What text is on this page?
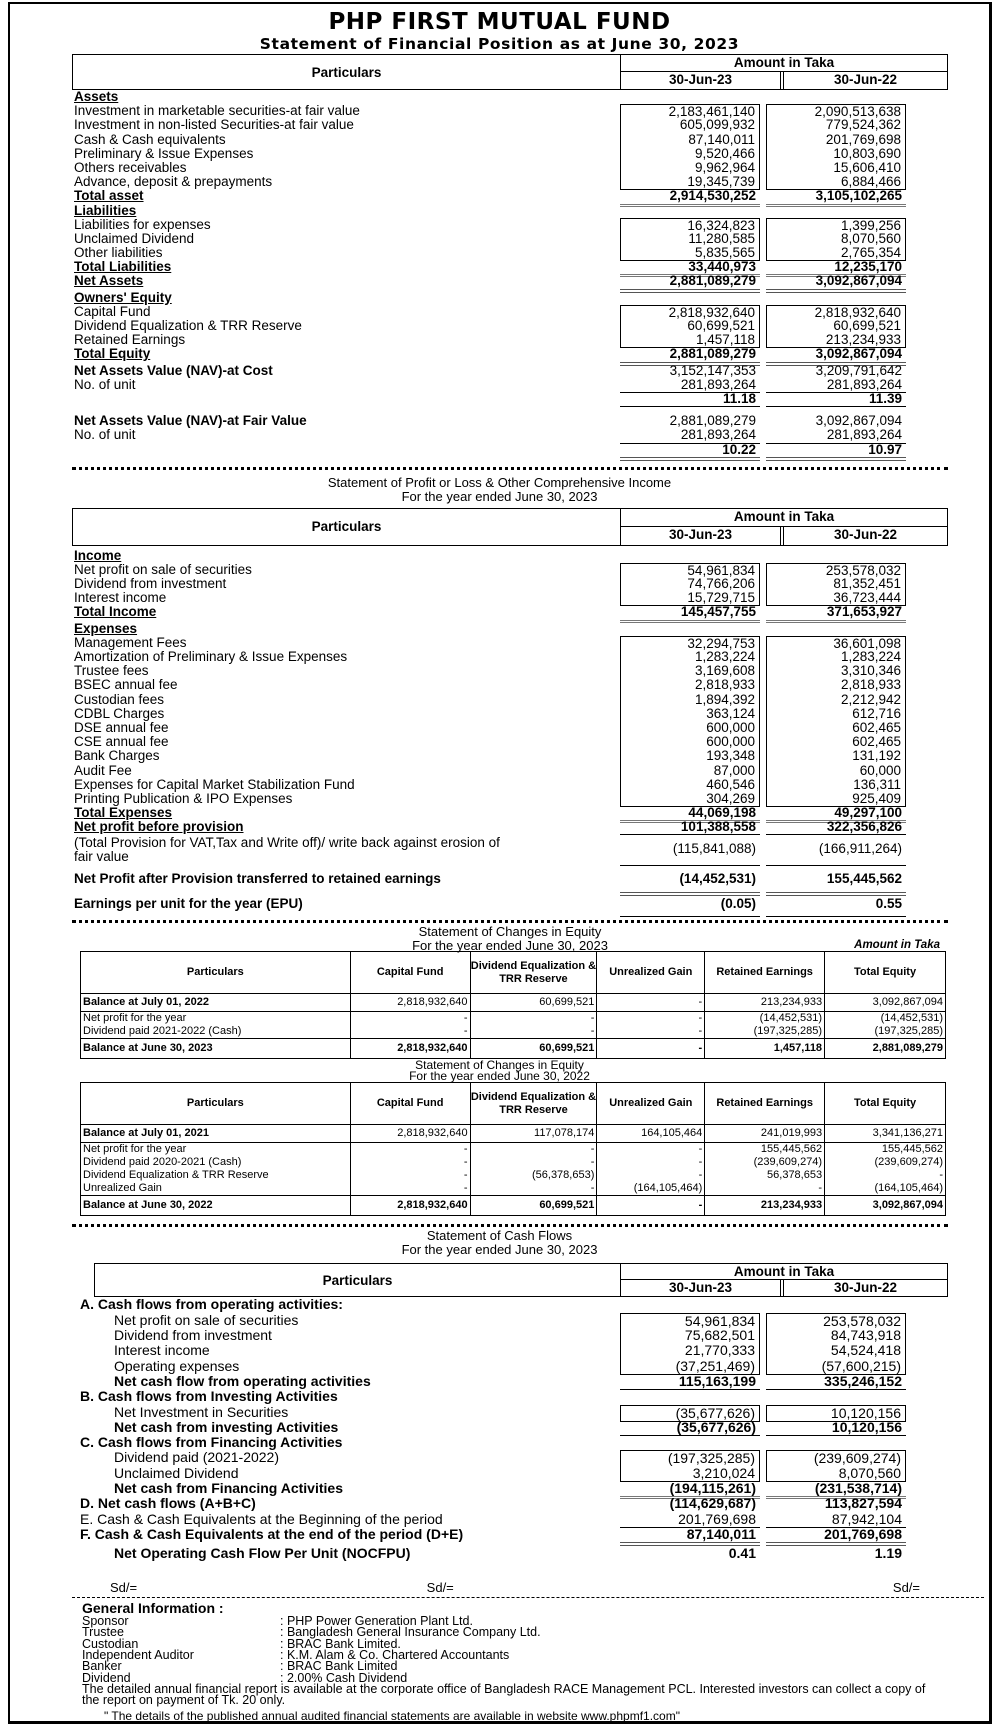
PHP FIRST MUTUAL FUND
Statement of Financial Position as at June 30, 2023
Particulars
Amount in Taka
30-Jun-23	30-Jun-22
Assets
Investment in marketable securities-at fair value	2,183,461,140	2,090,513,638
Investment in non-listed Securities-at fair value	605,099,932	779,524,362
Cash & Cash equivalents	87,140,011	201,769,698
Preliminary & Issue Expenses	9,520,466	10,803,690
Others receivables	9,962,964	15,606,410
Advance, deposit & prepayments	19,345,739	6,884,466
Total asset	2,914,530,252	3,105,102,265
Liabilities
Liabilities for expenses	16,324,823	1,399,256
Unclaimed Dividend	11,280,585	8,070,560
Other liabilities	5,835,565	2,765,354
Total Liabilities	33,440,973	12,235,170
Net Assets	2,881,089,279	3,092,867,094
Owners' Equity
Capital Fund	2,818,932,640	2,818,932,640
Dividend Equalization & TRR Reserve	60,699,521	60,699,521
Retained Earnings	1,457,118	213,234,933
Total Equity	2,881,089,279	3,092,867,094
Net Assets Value (NAV)-at Cost	3,152,147,353	3,209,791,642
No. of unit	281,893,264	281,893,264
11.18	11.39
Net Assets Value (NAV)-at Fair Value	2,881,089,279	3,092,867,094
No. of unit	281,893,264	281,893,264
10.22	10.97
Statement of Profit or Loss & Other Comprehensive Income
For the year ended June 30, 2023
Particulars
Amount in Taka
30-Jun-23	30-Jun-22
Income
Net profit on sale of securities	54,961,834	253,578,032
Dividend from investment	74,766,206	81,352,451
Interest income	15,729,715	36,723,444
Total Income	145,457,755	371,653,927
Expenses
Management Fees	32,294,753	36,601,098
Amortization of Preliminary & Issue Expenses	1,283,224	1,283,224
Trustee fees	3,169,608	3,310,346
BSEC annual fee	2,818,933	2,818,933
Custodian fees	1,894,392	2,212,942
CDBL Charges	363,124	612,716
DSE annual fee	600,000	602,465
CSE annual fee	600,000	602,465
Bank Charges	193,348	131,192
Audit Fee	87,000	60,000
Expenses for Capital Market Stabilization Fund	460,546	136,311
Printing Publication & IPO Expenses	304,269	925,409
Total Expenses	44,069,198	49,297,100
Net profit before provision	101,388,558	322,356,826
(Total Provision for VAT,Tax and Write off)/ write back against erosion of
fair value
(115,841,088)	(166,911,264)
Net Profit after Provision transferred to retained earnings	(14,452,531)	155,445,562
Earnings per unit for the year (EPU)	(0.05)	0.55
Statement of Changes in Equity
For the year ended June 30, 2023	Amount in Taka
Particulars	Capital Fund	Dividend Equalization & TRR Reserve	Unrealized Gain	Retained Earnings	Total Equity
Balance at July 01, 2022	2,818,932,640	60,699,521	-	213,234,933	3,092,867,094
Net profit for the year	-	-	-	(14,452,531)	(14,452,531)
Dividend paid 2021-2022 (Cash)	-	-	-	(197,325,285)	(197,325,285)
Balance at June 30, 2023	2,818,932,640	60,699,521	-	1,457,118	2,881,089,279
Statement of Changes in Equity
For the year ended June 30, 2022
Particulars	Capital Fund	Dividend Equalization & TRR Reserve	Unrealized Gain	Retained Earnings	Total Equity
Balance at July 01, 2021	2,818,932,640	117,078,174	164,105,464	241,019,993	3,341,136,271
Net profit for the year	-	-	-	155,445,562	155,445,562
Dividend paid 2020-2021 (Cash)	-	-	-	(239,609,274)	(239,609,274)
Dividend Equalization & TRR Reserve	-	(56,378,653)	-	56,378,653	-
Unrealized Gain	-	-	(164,105,464)	-	(164,105,464)
Balance at June 30, 2022	2,818,932,640	60,699,521	-	213,234,933	3,092,867,094
Statement of Cash Flows
For the year ended June 30, 2023
Particulars
Amount in Taka
30-Jun-23	30-Jun-22
A. Cash flows from operating activities:
Net profit on sale of securities	54,961,834	253,578,032
Dividend from investment	75,682,501	84,743,918
Interest income	21,770,333	54,524,418
Operating expenses	(37,251,469)	(57,600,215)
Net cash flow from operating activities	115,163,199	335,246,152
B. Cash flows from Investing Activities
Net Investment in Securities	(35,677,626)	10,120,156
Net cash from investing Activities	(35,677,626)	10,120,156
C. Cash flows from Financing Activities
Dividend paid (2021-2022)	(197,325,285)	(239,609,274)
Unclaimed Dividend	3,210,024	8,070,560
Net cash from Financing Activities	(194,115,261)	(231,538,714)
D. Net cash flows (A+B+C)	(114,629,687)	113,827,594
E. Cash & Cash Equivalents at the Beginning of the period	201,769,698	87,942,104
F. Cash & Cash Equivalents at the end of the period (D+E)	87,140,011	201,769,698
Net Operating Cash Flow Per Unit (NOCFPU)	0.41	1.19
Sd/=	Sd/=	Sd/=
General Information :
Sponsor	: PHP Power Generation Plant Ltd.
Trustee	: Bangladesh General Insurance Company Ltd.
Custodian	: BRAC Bank Limited.
Independent Auditor	: K.M. Alam & Co. Chartered Accountants
Banker	: BRAC Bank Limited
Dividend	: 2.00% Cash Dividend
The detailed annual financial report is available at the corporate office of Bangladesh RACE Management PCL. Interested investors can collect a copy of the report on payment of Tk. 20 only.
" The details of the published annual audited financial statements are available in website www.phpmf1.com"
